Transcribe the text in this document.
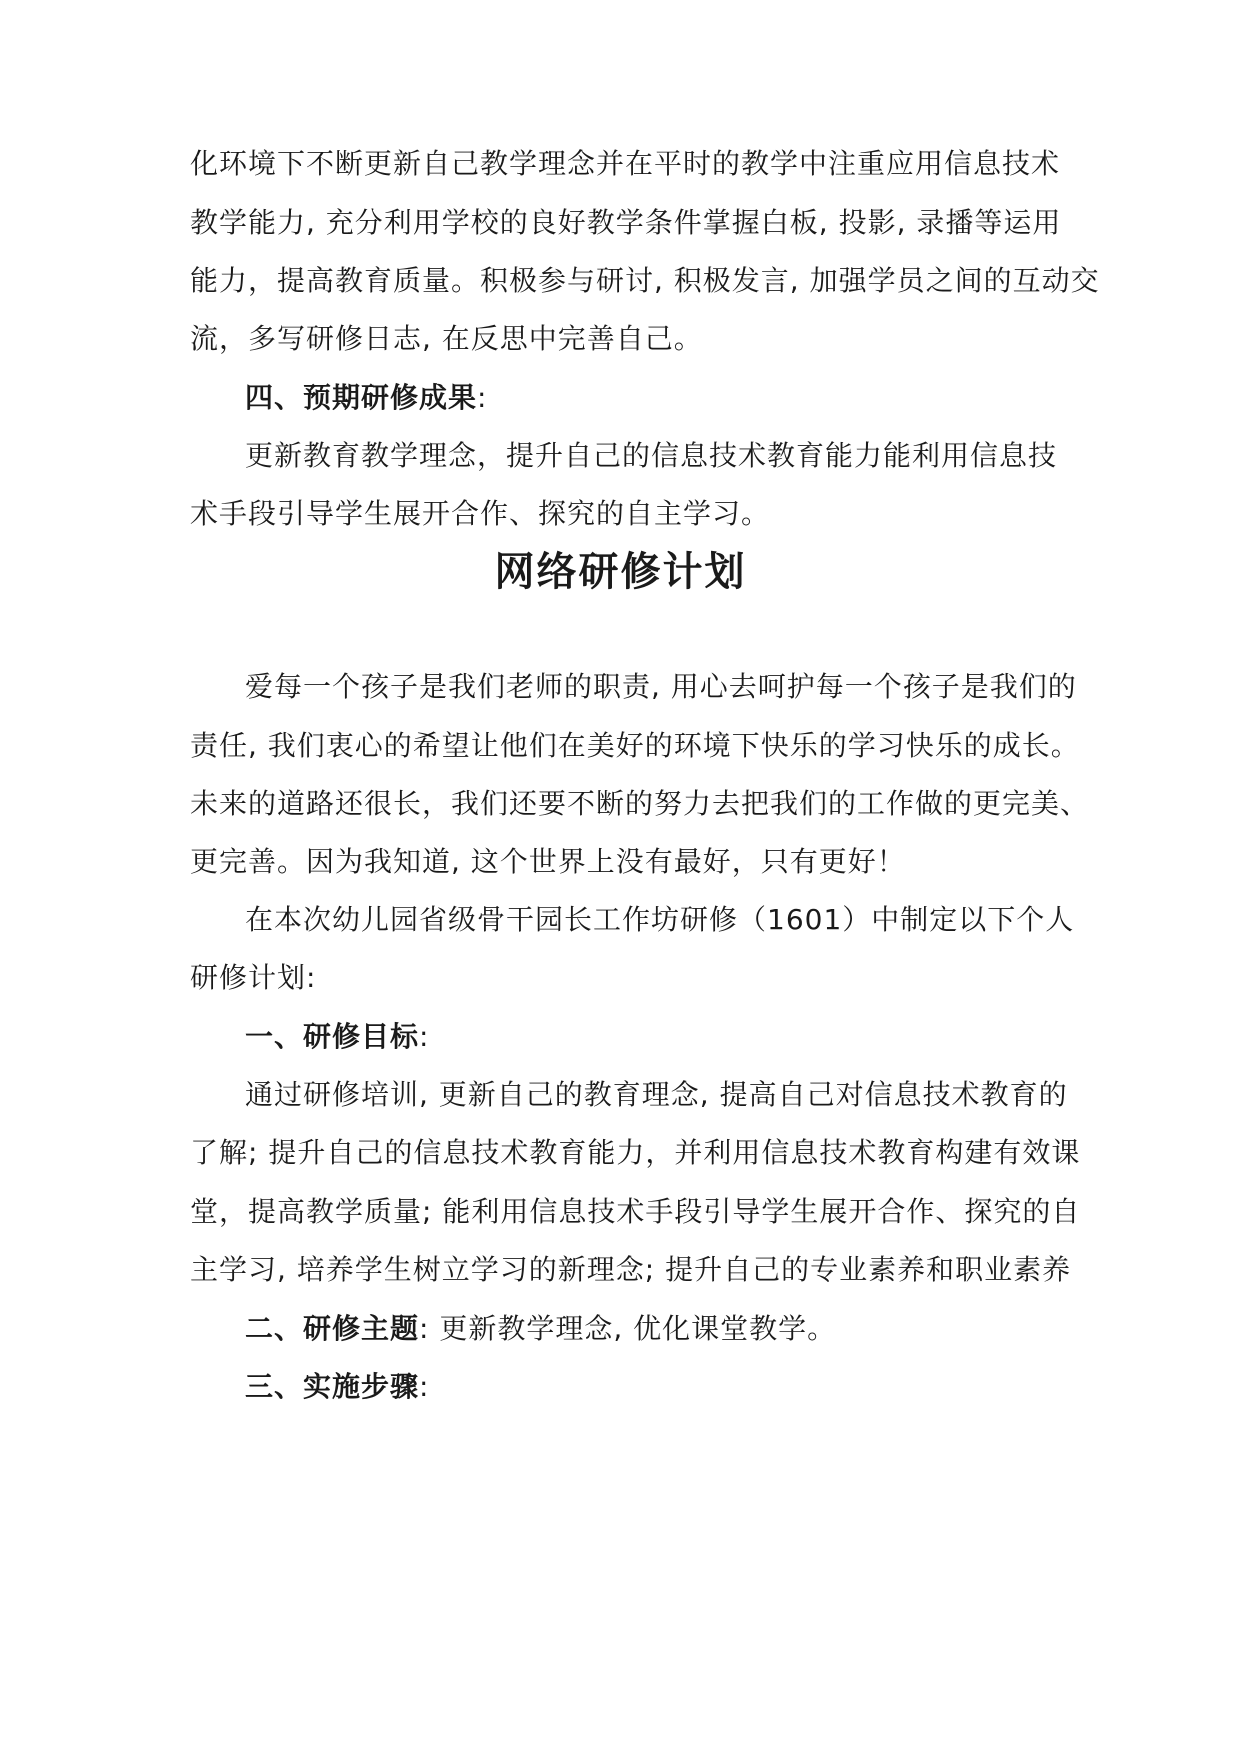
化环境下不断更新自己教学理念并在平时的教学中注重应用信息技术
教学能力, 充分利用学校的良好教学条件掌握白板, 投影, 录播等运用
能力，提高教育质量。积极参与研讨, 积极发言, 加强学员之间的互动交
流，多写研修日志, 在反思中完善自己。
四、预期研修成果:
更新教育教学理念，提升自己的信息技术教育能力能利用信息技
术手段引导学生展开合作、探究的自主学习。
网络研修计划
爱每一个孩子是我们老师的职责, 用心去呵护每一个孩子是我们的
责任, 我们衷心的希望让他们在美好的环境下快乐的学习快乐的成长。
未来的道路还很长，我们还要不断的努力去把我们的工作做的更完美、
更完善。因为我知道, 这个世界上没有最好，只有更好！
在本次幼儿园省级骨干园长工作坊研修（1601）中制定以下个人
研修计划:
一、研修目标:
通过研修培训, 更新自己的教育理念, 提高自己对信息技术教育的
了解; 提升自己的信息技术教育能力，并利用信息技术教育构建有效课
堂，提高教学质量; 能利用信息技术手段引导学生展开合作、探究的自
主学习, 培养学生树立学习的新理念; 提升自己的专业素养和职业素养
二、研修主题: 更新教学理念, 优化课堂教学。
三、实施步骤:
